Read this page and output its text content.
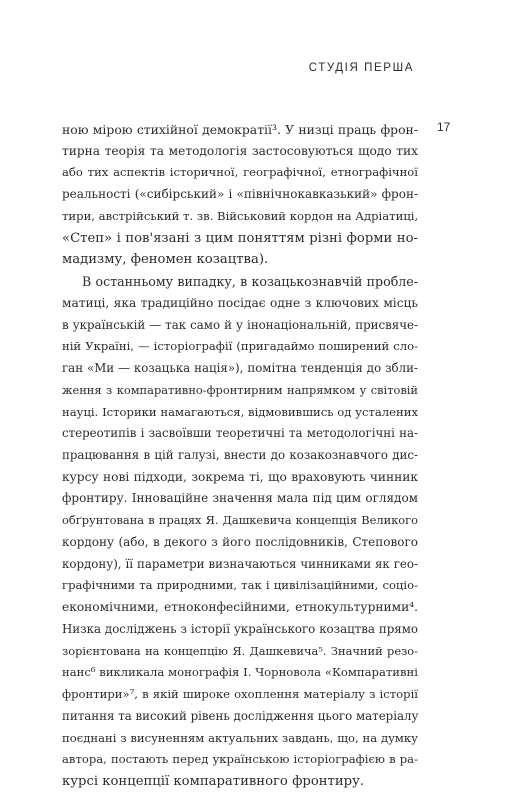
СТУДІЯ ПЕРША
17
ною мірою стихійної демократії³. У низці праць фрон-
тирна теорія та методологія застосовуються щодо тих
або тих аспектів історичної, географічної, етнографічної
реальності («сибірський» і «північнокавказький» фрон-
тири, австрійський т. зв. Військовий кордон на Адріатиці,
«Степ» і пов'язані з цим поняттям різні форми но-
мадизму, феномен козацтва).
В останньому випадку, в козацькознавчій пробле-
матиці, яка традиційно посідає одне з ключових місць
в українській — так само й у інонаціональній, присвяче-
ній Україні, — історіографії (пригадаймо поширений сло-
ган «Ми — козацька нація»), помітна тенденція до збли-
ження з компаративно-фронтирним напрямком у світовій
науці. Історики намагаються, відмовившись од усталених
стереотипів і засвоївши теоретичні та методологічні на-
працювання в цій галузі, внести до козакознавчого дис-
курсу нові підходи, зокрема ті, що враховують чинник
фронтиру. Інноваційне значення мала під цим оглядом
обґрунтована в працях Я. Дашкевича концепція Великого
кордону (або, в декого з його послідовників, Степового
кордону), її параметри визначаються чинниками як гео-
графічними та природними, так і цивілізаційними, соціо-
економічними, етноконфесійними, етнокультурними⁴.
Низка досліджень з історії українського козацтва прямо
зорієнтована на концепцію Я. Дашкевича⁵. Значний резо-
нанс⁶ викликала монографія І. Чорновола «Компаративні
фронтири»⁷, в якій широке охоплення матеріалу з історії
питання та високий рівень дослідження цього матеріалу
поєднані з висуненням актуальних завдань, що, на думку
автора, постають перед українською історіографією в ра-
курсі концепції компаративного фронтиру.
